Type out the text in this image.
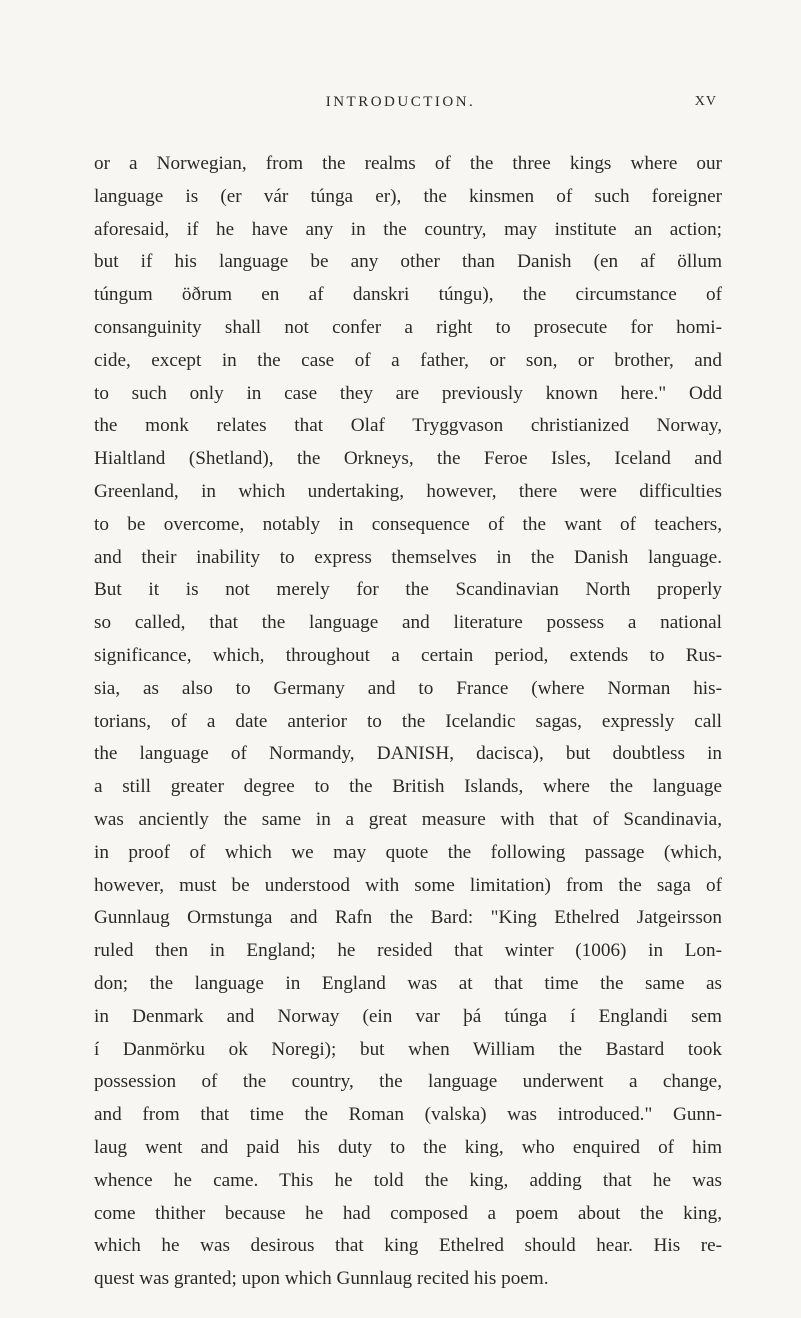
INTRODUCTION.	XV
or a Norwegian, from the realms of the three kings where our
language is (er vár túnga er), the kinsmen of such foreigner
aforesaid, if he have any in the country, may institute an action;
but if his language be any other than Danish (en af öllum
túngum öðrum en af danskri túngu), the circumstance of
consanguinity shall not confer a right to prosecute for homi-
cide, except in the case of a father, or son, or brother, and
to such only in case they are previously known here." Odd
the monk relates that Olaf Tryggvason christianized Norway,
Hialtland (Shetland), the Orkneys, the Feroe Isles, Iceland and
Greenland, in which undertaking, however, there were difficulties
to be overcome, notably in consequence of the want of teachers,
and their inability to express themselves in the Danish language.
But it is not merely for the Scandinavian North properly
so called, that the language and literature possess a national
significance, which, throughout a certain period, extends to Rus-
sia, as also to Germany and to France (where Norman his-
torians, of a date anterior to the Icelandic sagas, expressly call
the language of Normandy, DANISH, dacisca), but doubtless in
a still greater degree to the British Islands, where the language
was anciently the same in a great measure with that of Scandinavia,
in proof of which we may quote the following passage (which,
however, must be understood with some limitation) from the saga of
Gunnlaug Ormstunga and Rafn the Bard: "King Ethelred Jatgeirsson
ruled then in England; he resided that winter (1006) in Lon-
don; the language in England was at that time the same as
in Denmark and Norway (ein var þá túnga í Englandi sem
í Danmörku ok Noregi); but when William the Bastard took
possession of the country, the language underwent a change,
and from that time the Roman (valska) was introduced." Gunn-
laug went and paid his duty to the king, who enquired of him
whence he came. This he told the king, adding that he was
come thither because he had composed a poem about the king,
which he was desirous that king Ethelred should hear. His re-
quest was granted; upon which Gunnlaug recited his poem.
